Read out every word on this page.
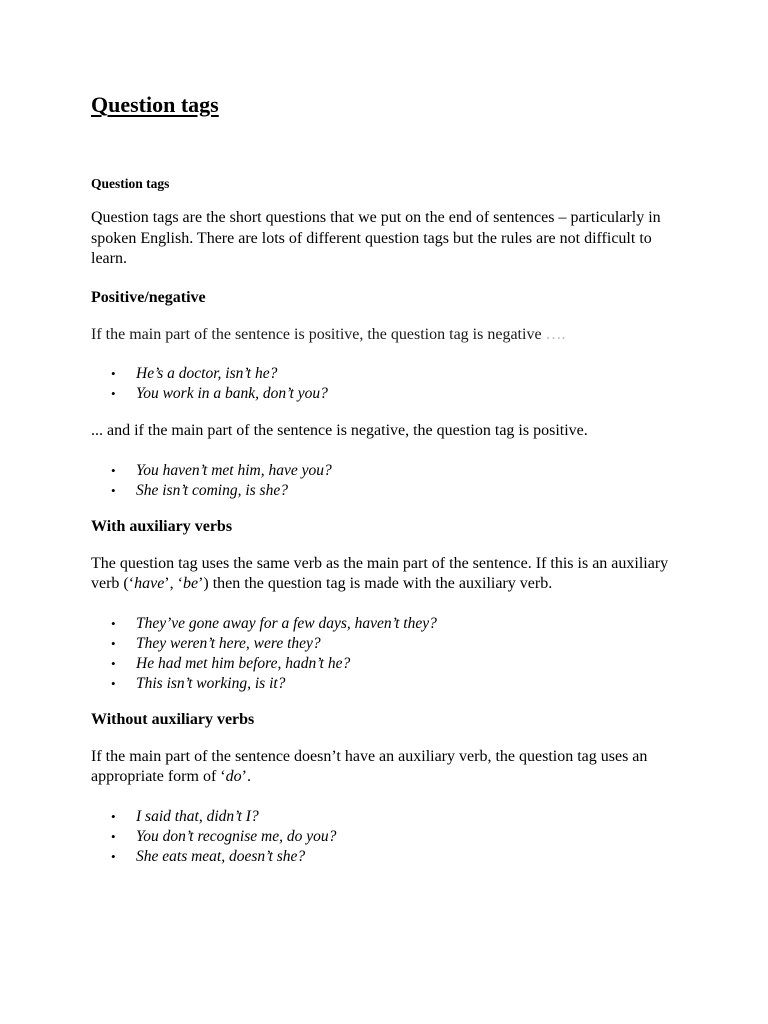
Question tags
Question tags

Question tags are the short questions that we put on the end of sentences – particularly in spoken English. There are lots of different question tags but the rules are not difficult to learn.

Positive/negative

If the main part of the sentence is positive, the question tag is negative ….

• He’s a doctor, isn’t he?
• You work in a bank, don’t you?

... and if the main part of the sentence is negative, the question tag is positive.

• You haven’t met him, have you?
• She isn’t coming, is she?
With auxiliary verbs

The question tag uses the same verb as the main part of the sentence. If this is an auxiliary verb (‘have’, ‘be’) then the question tag is made with the auxiliary verb.

• They’ve gone away for a few days, haven’t they?
• They weren’t here, were they?
• He had met him before, hadn’t he?
• This isn’t working, is it?
Without auxiliary verbs

If the main part of the sentence doesn’t have an auxiliary verb, the question tag uses an appropriate form of ‘do’.

• I said that, didn’t I?
• You don’t recognise me, do you?
• She eats meat, doesn’t she?
